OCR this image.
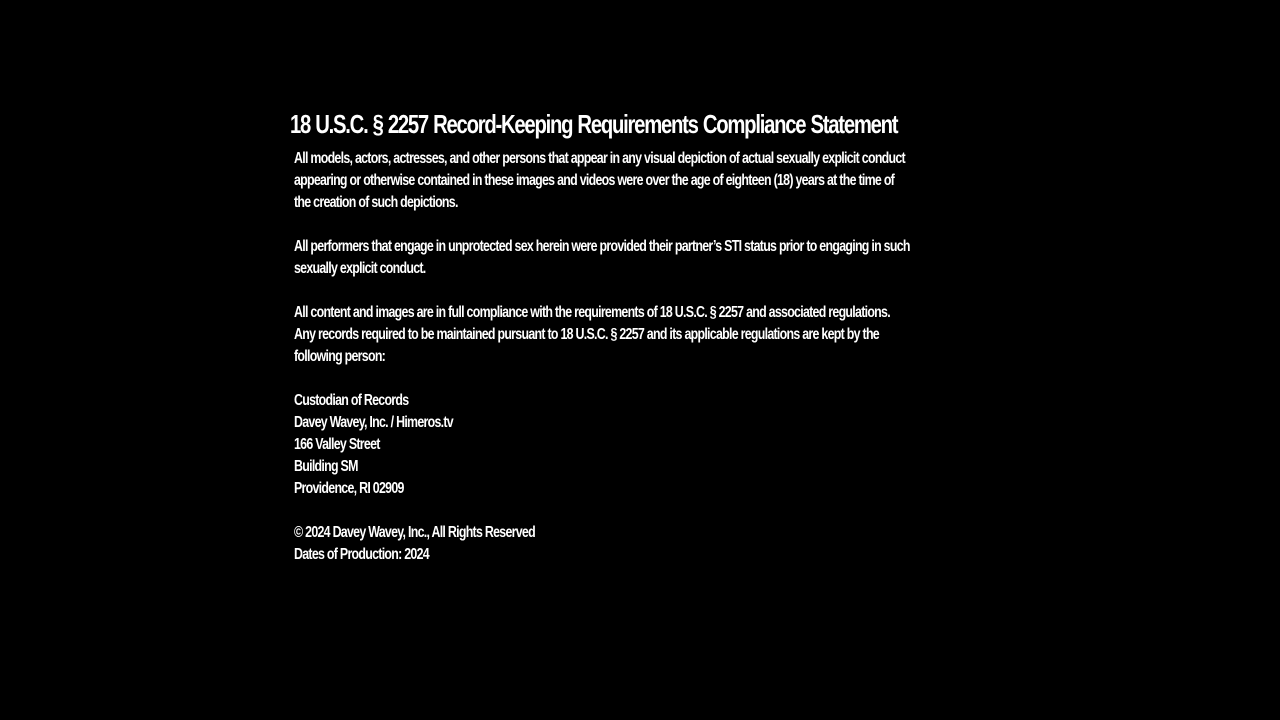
18 U.S.C. § 2257 Record-Keeping Requirements Compliance Statement

All models, actors, actresses, and other persons that appear in any visual depiction of actual sexually explicit conduct
appearing or otherwise contained in these images and videos were over the age of eighteen (18) years at the time of
the creation of such depictions.

All performers that engage in unprotected sex herein were provided their partner’s STI status prior to engaging in such
sexually explicit conduct.

All content and images are in full compliance with the requirements of 18 U.S.C. § 2257 and associated regulations.
Any records required to be maintained pursuant to 18 U.S.C. § 2257 and its applicable regulations are kept by the
following person:

Custodian of Records
Davey Wavey, Inc. / Himeros.tv
166 Valley Street
Building SM
Providence, RI 02909

© 2024 Davey Wavey, Inc., All Rights Reserved
Dates of Production: 2024
